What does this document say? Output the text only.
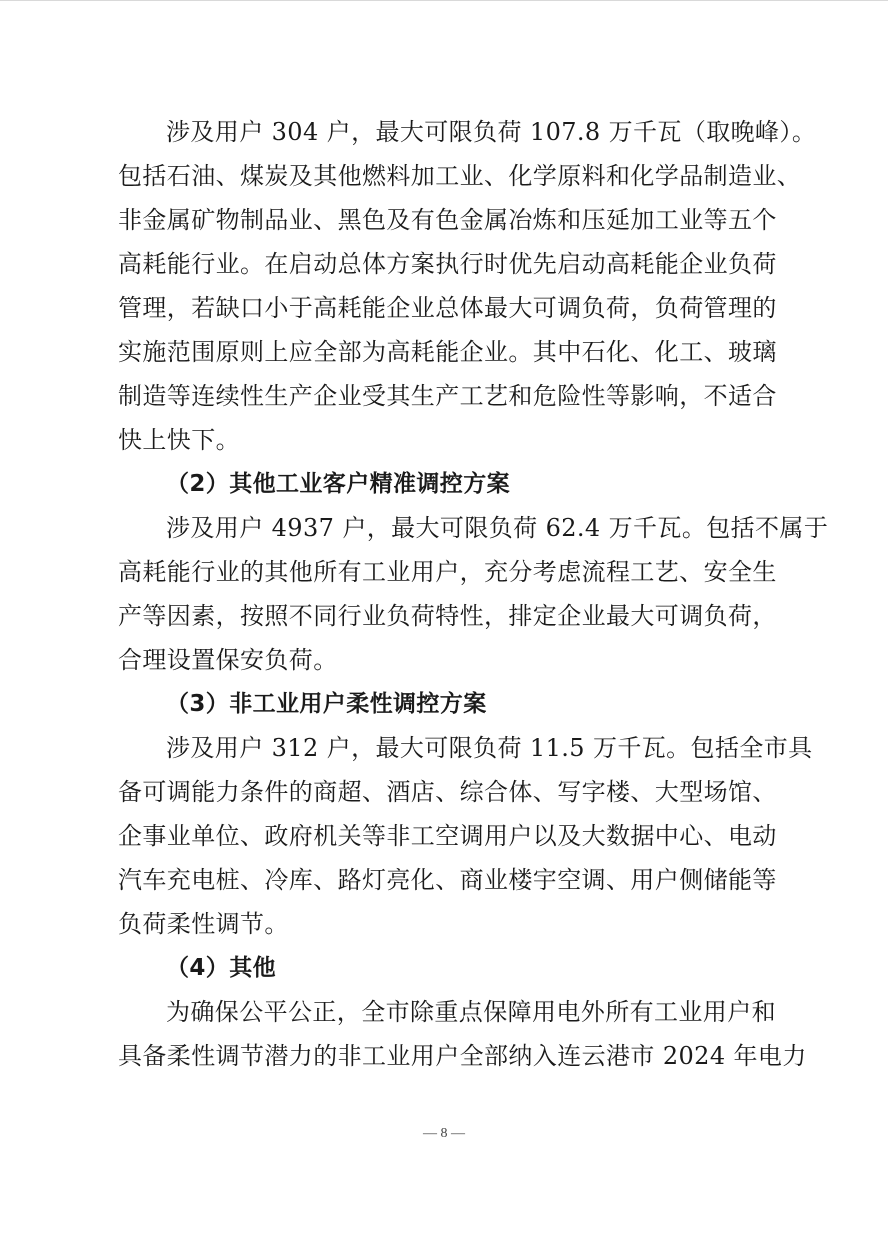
涉及用户 304 户，最大可限负荷 107.8 万千瓦（取晚峰）。
包括石油、煤炭及其他燃料加工业、化学原料和化学品制造业、
非金属矿物制品业、黑色及有色金属冶炼和压延加工业等五个
高耗能行业。在启动总体方案执行时优先启动高耗能企业负荷
管理，若缺口小于高耗能企业总体最大可调负荷，负荷管理的
实施范围原则上应全部为高耗能企业。其中石化、化工、玻璃
制造等连续性生产企业受其生产工艺和危险性等影响，不适合
快上快下。
（2）其他工业客户精准调控方案
涉及用户 4937 户，最大可限负荷 62.4 万千瓦。包括不属于
高耗能行业的其他所有工业用户，充分考虑流程工艺、安全生
产等因素，按照不同行业负荷特性，排定企业最大可调负荷，
合理设置保安负荷。
（3）非工业用户柔性调控方案
涉及用户 312 户，最大可限负荷 11.5 万千瓦。包括全市具
备可调能力条件的商超、酒店、综合体、写字楼、大型场馆、
企事业单位、政府机关等非工空调用户以及大数据中心、电动
汽车充电桩、冷库、路灯亮化、商业楼宇空调、用户侧储能等
负荷柔性调节。
（4）其他
为确保公平公正，全市除重点保障用电外所有工业用户和
具备柔性调节潜力的非工业用户全部纳入连云港市 2024 年电力
— 8 —
